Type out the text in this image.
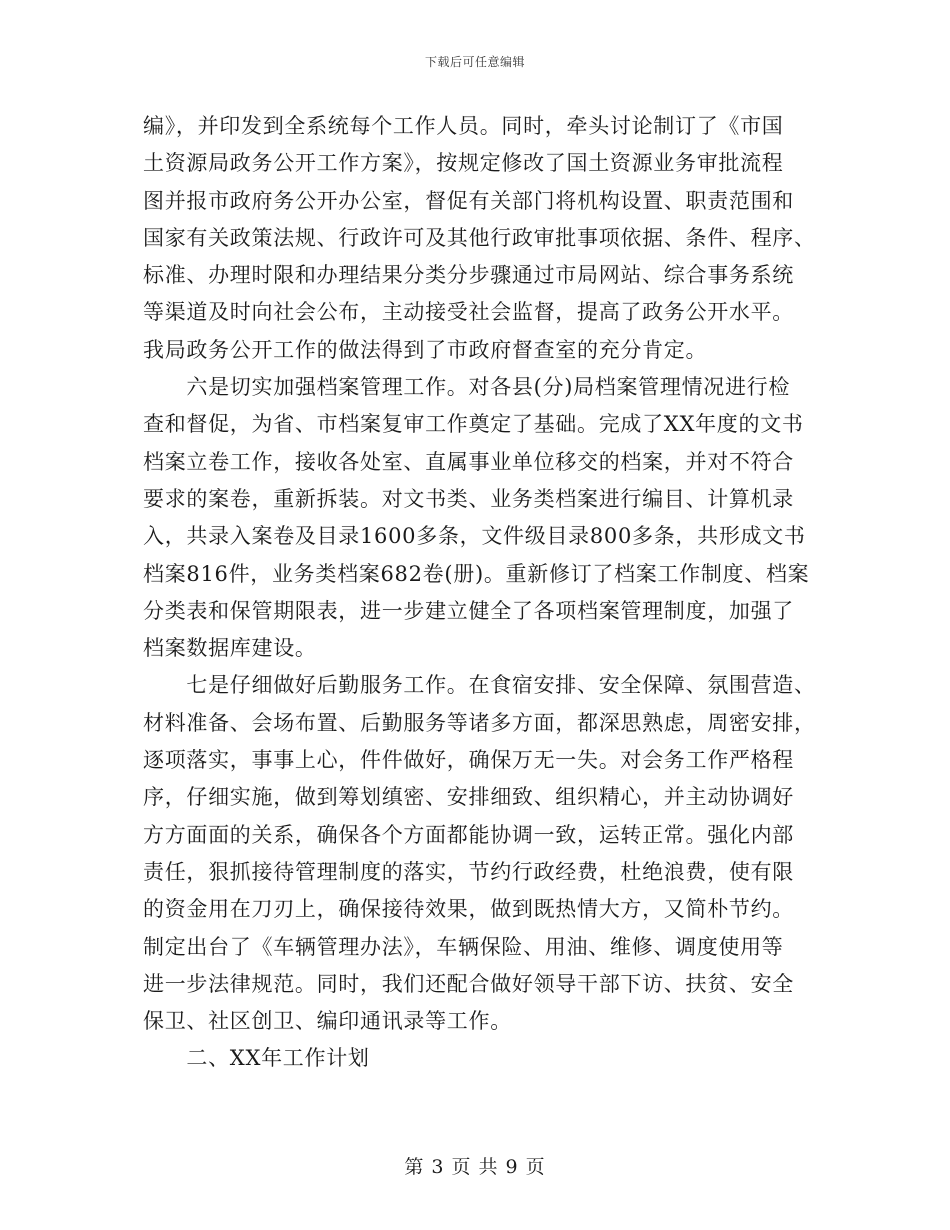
下载后可任意编辑
编》，并印发到全系统每个工作人员。同时，牵头讨论制订了《市国
土资源局政务公开工作方案》，按规定修改了国土资源业务审批流程
图并报市政府务公开办公室，督促有关部门将机构设置、职责范围和
国家有关政策法规、行政许可及其他行政审批事项依据、条件、程序、
标准、办理时限和办理结果分类分步骤通过市局网站、综合事务系统
等渠道及时向社会公布，主动接受社会监督，提高了政务公开水平。
我局政务公开工作的做法得到了市政府督查室的充分肯定。
　　六是切实加强档案管理工作。对各县(分)局档案管理情况进行检
查和督促，为省、市档案复审工作奠定了基础。完成了XX年度的文书
档案立卷工作，接收各处室、直属事业单位移交的档案，并对不符合
要求的案卷，重新拆装。对文书类、业务类档案进行编目、计算机录
入，共录入案卷及目录1600多条，文件级目录800多条，共形成文书
档案816件，业务类档案682卷(册)。重新修订了档案工作制度、档案
分类表和保管期限表，进一步建立健全了各项档案管理制度，加强了
档案数据库建设。
　　七是仔细做好后勤服务工作。在食宿安排、安全保障、氛围营造、
材料准备、会场布置、后勤服务等诸多方面，都深思熟虑，周密安排，
逐项落实，事事上心，件件做好，确保万无一失。对会务工作严格程
序，仔细实施，做到筹划缜密、安排细致、组织精心，并主动协调好
方方面面的关系，确保各个方面都能协调一致，运转正常。强化内部
责任，狠抓接待管理制度的落实，节约行政经费，杜绝浪费，使有限
的资金用在刀刃上，确保接待效果，做到既热情大方，又简朴节约。
制定出台了《车辆管理办法》，车辆保险、用油、维修、调度使用等
进一步法律规范。同时，我们还配合做好领导干部下访、扶贫、安全
保卫、社区创卫、编印通讯录等工作。
　　二、XX年工作计划
第 3 页 共 9 页
